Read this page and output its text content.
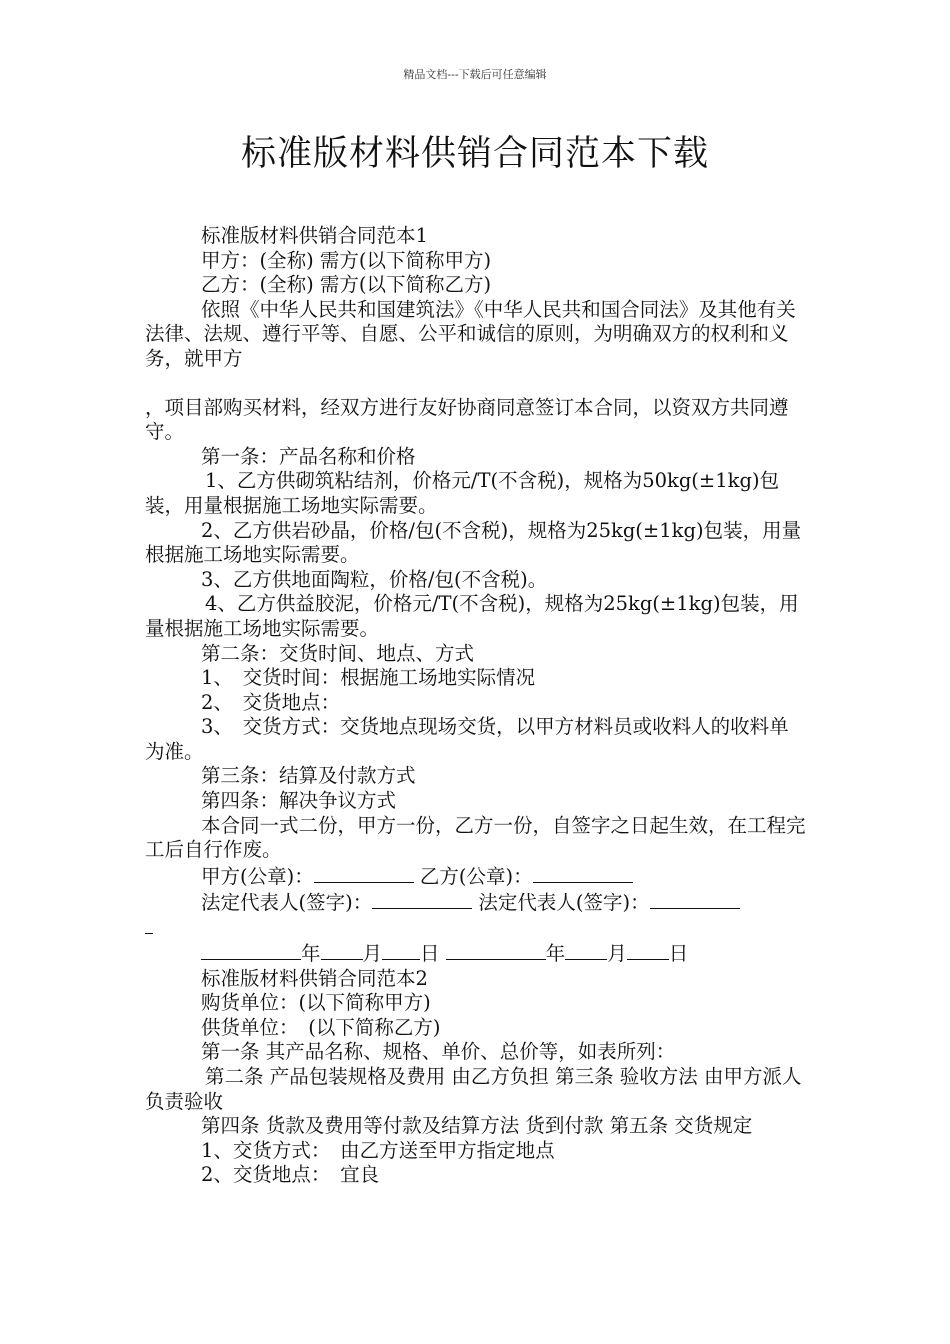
精品文档---下载后可任意编辑
标准版材料供销合同范本下载

标准版材料供销合同范本1

甲方：(全称) 需方(以下简称甲方)

乙方：(全称) 需方(以下简称乙方)

依照《中华人民共和国建筑法》《中华人民共和国合同法》及其他有关法律、法规、遵行平等、自愿、公平和诚信的原则，为明确双方的权利和义务，就甲方

，项目部购买材料，经双方进行友好协商同意签订本合同，以资双方共同遵守。

第一条：产品名称和价格

1、乙方供砌筑粘结剂，价格元/T(不含税)，规格为50kg(±1kg)包装，用量根据施工场地实际需要。

2、乙方供岩砂晶，价格/包(不含税)，规格为25kg(±1kg)包装，用量根据施工场地实际需要。

3、乙方供地面陶粒，价格/包(不含税)。

4、乙方供益胶泥，价格元/T(不含税)，规格为25kg(±1kg)包装，用量根据施工场地实际需要。

第二条：交货时间、地点、方式

1、　交货时间：根据施工场地实际情况

2、　交货地点：

3、　交货方式：交货地点现场交货，以甲方材料员或收料人的收料单为准。

第三条：结算及付款方式

第四条：解决争议方式

本合同一式二份，甲方一份，乙方一份，自签字之日起生效，在工程完工后自行作废。

甲方(公章)：	乙方(公章)：

法定代表人(签字)：	法定代表人(签字)：

年 月 日	年 月 日

标准版材料供销合同范本2

购货单位：(以下简称甲方)

供货单位：　(以下简称乙方)

第一条 其产品名称、规格、单价、总价等，如表所列：

第二条 产品包装规格及费用 由乙方负担 第三条 验收方法 由甲方派人负责验收

第四条 货款及费用等付款及结算方法 货到付款 第五条 交货规定

1、交货方式：　由乙方送至甲方指定地点

2、交货地点：　宜良
